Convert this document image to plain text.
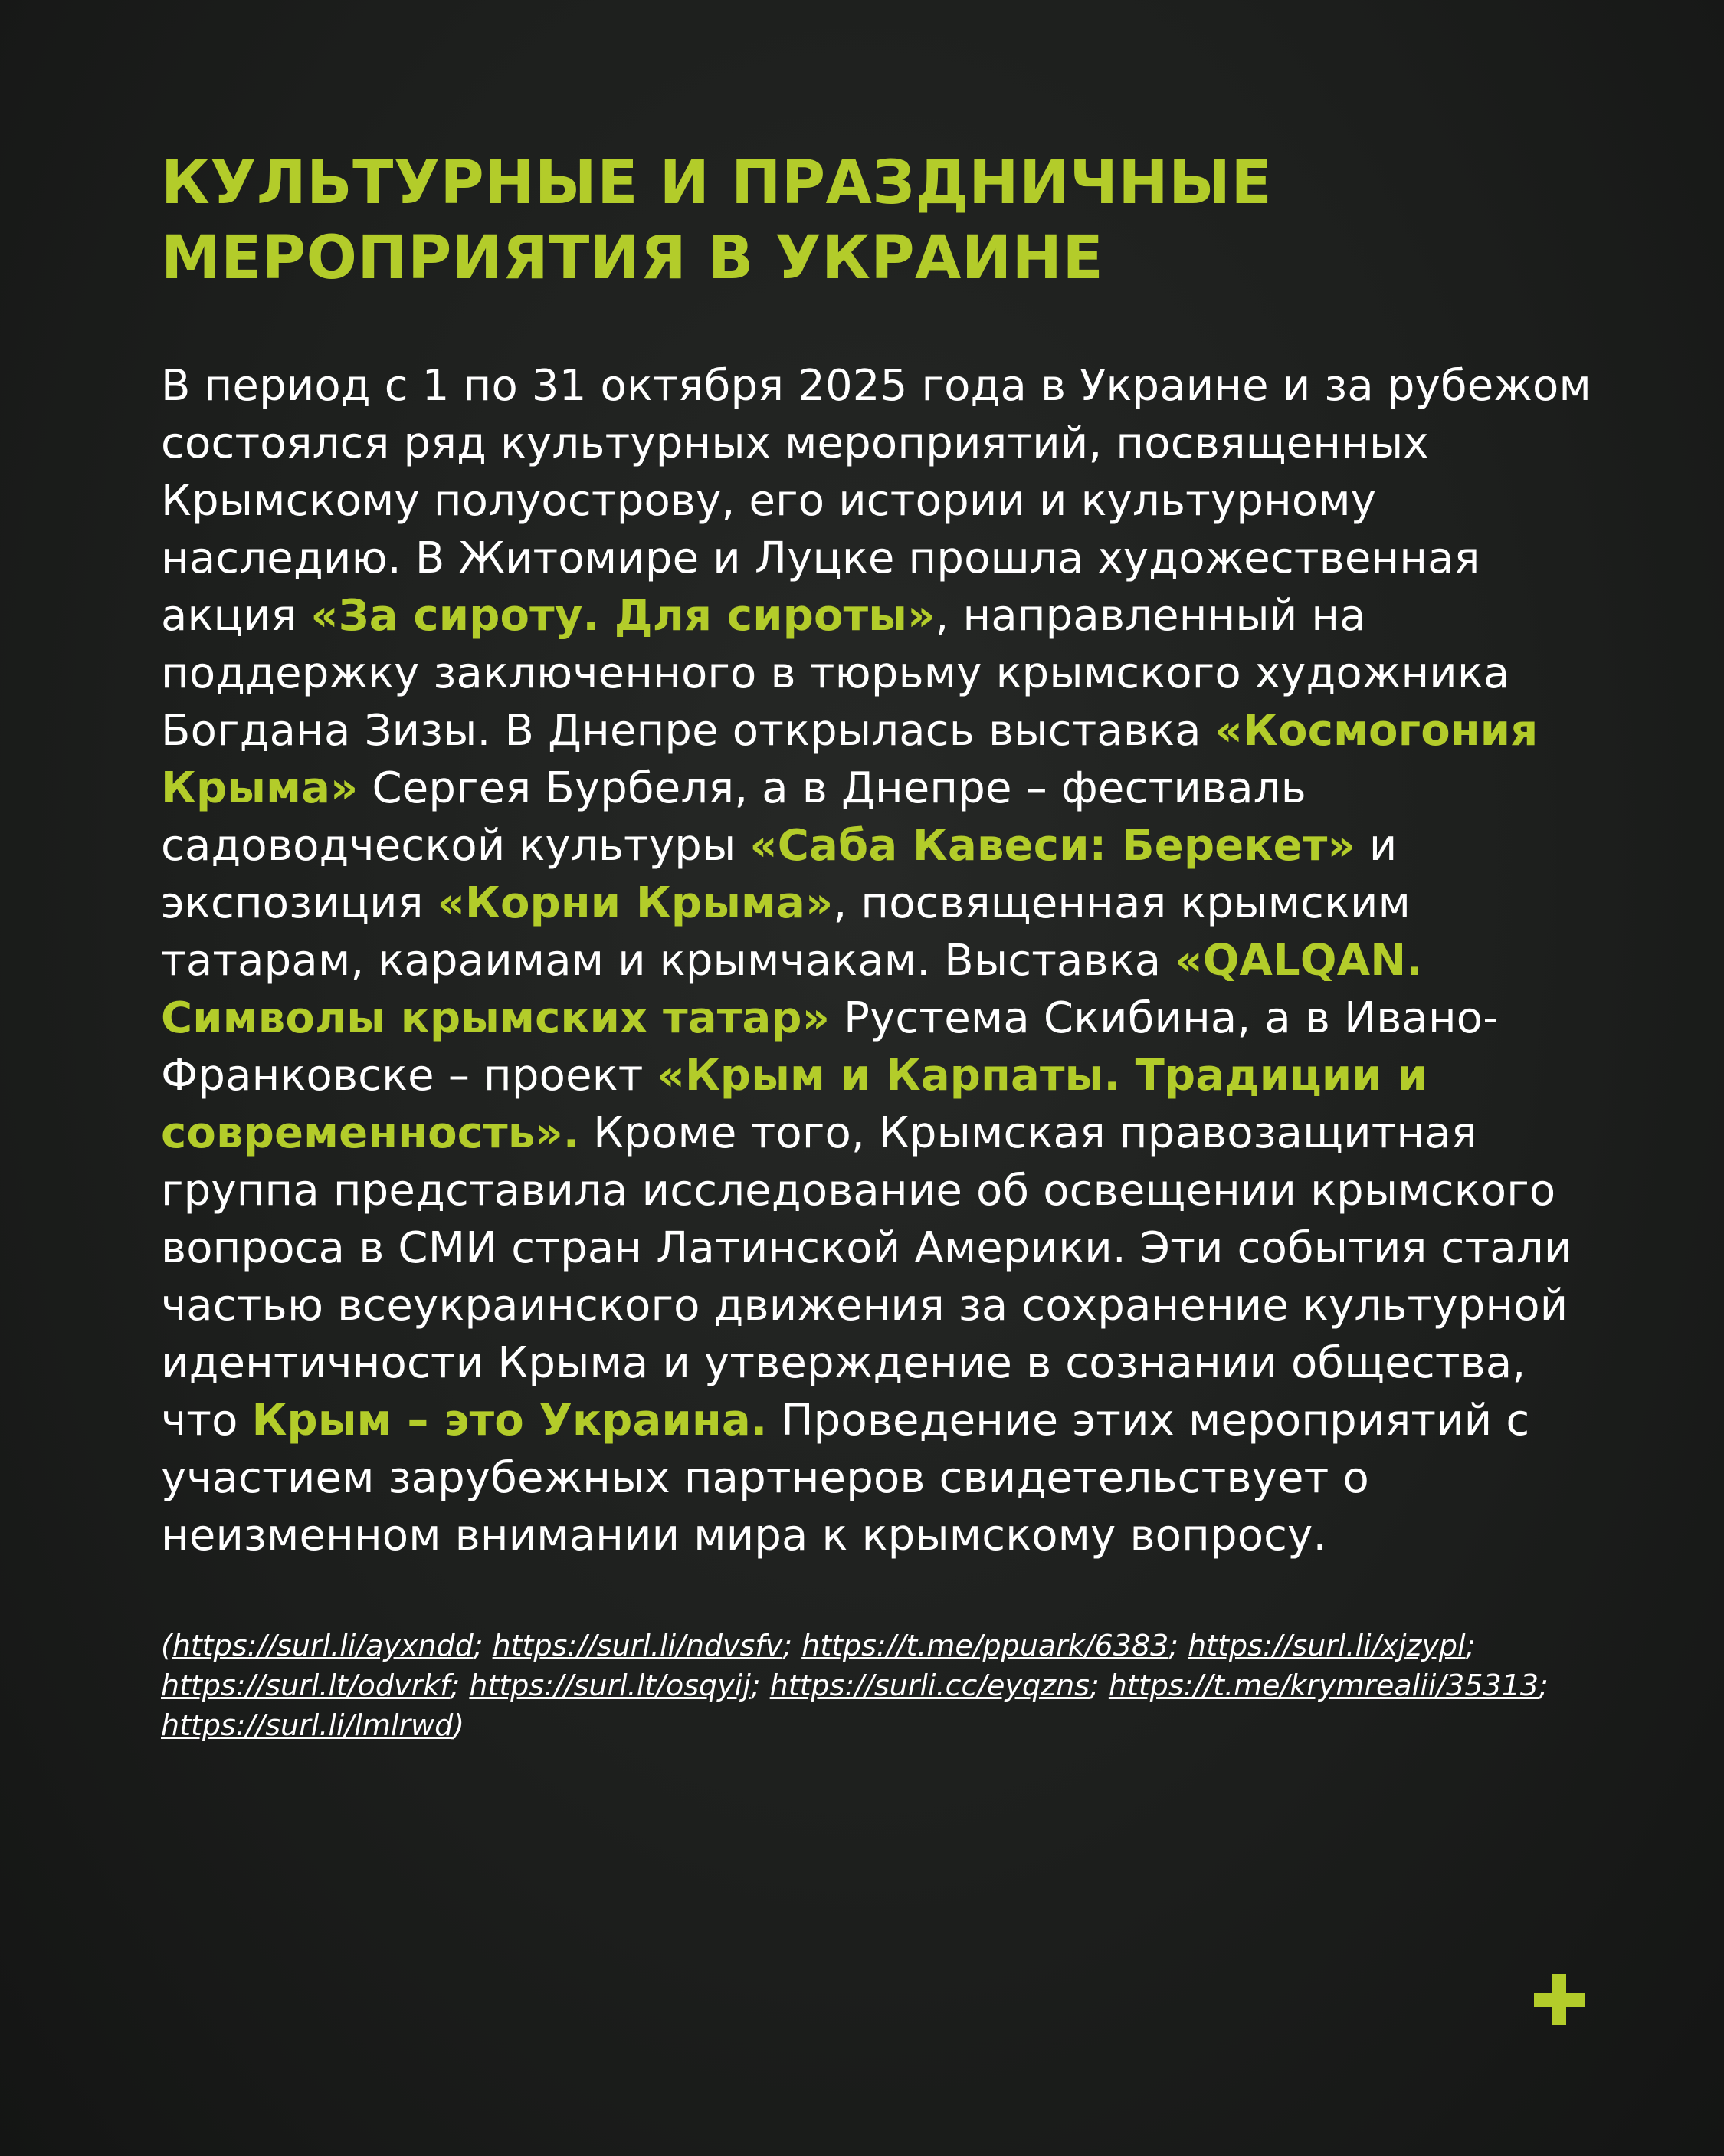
КУЛЬТУРНЫЕ И ПРАЗДНИЧНЫЕ
МЕРОПРИЯТИЯ В УКРАИНЕ

В период с 1 по 31 октября 2025 года в Украине и за рубежом состоялся ряд культурных мероприятий, посвященных Крымскому полуострову, его истории и культурному наследию. В Житомире и Луцке прошла художественная акция «За сироту. Для сироты», направленный на поддержку заключенного в тюрьму крымского художника Богдана Зизы. В Днепре открылась выставка «Космогония Крыма» Сергея Бурбеля, а в Днепре – фестиваль садоводческой культуры «Саба Кавеси: Берекет» и экспозиция «Корни Крыма», посвященная крымским татарам, караимам и крымчакам. Выставка «QALQAN. Символы крымских татар» Рустема Скибина, а в Ивано-Франковске – проект «Крым и Карпаты. Традиции и современность». Кроме того, Крымская правозащитная группа представила исследование об освещении крымского вопроса в СМИ стран Латинской Америки. Эти события стали частью всеукраинского движения за сохранение культурной идентичности Крыма и утверждение в сознании общества, что Крым – это Украина. Проведение этих мероприятий с участием зарубежных партнеров свидетельствует о неизменном внимании мира к крымскому вопросу.

(https://surl.li/ayxndd; https://surl.li/ndvsfv; https://t.me/ppuark/6383; https://surl.li/xjzypl; https://surl.lt/odvrkf; https://surl.lt/osqyij; https://surli.cc/eyqzns; https://t.me/krymrealii/35313; https://surl.li/lmlrwd)
